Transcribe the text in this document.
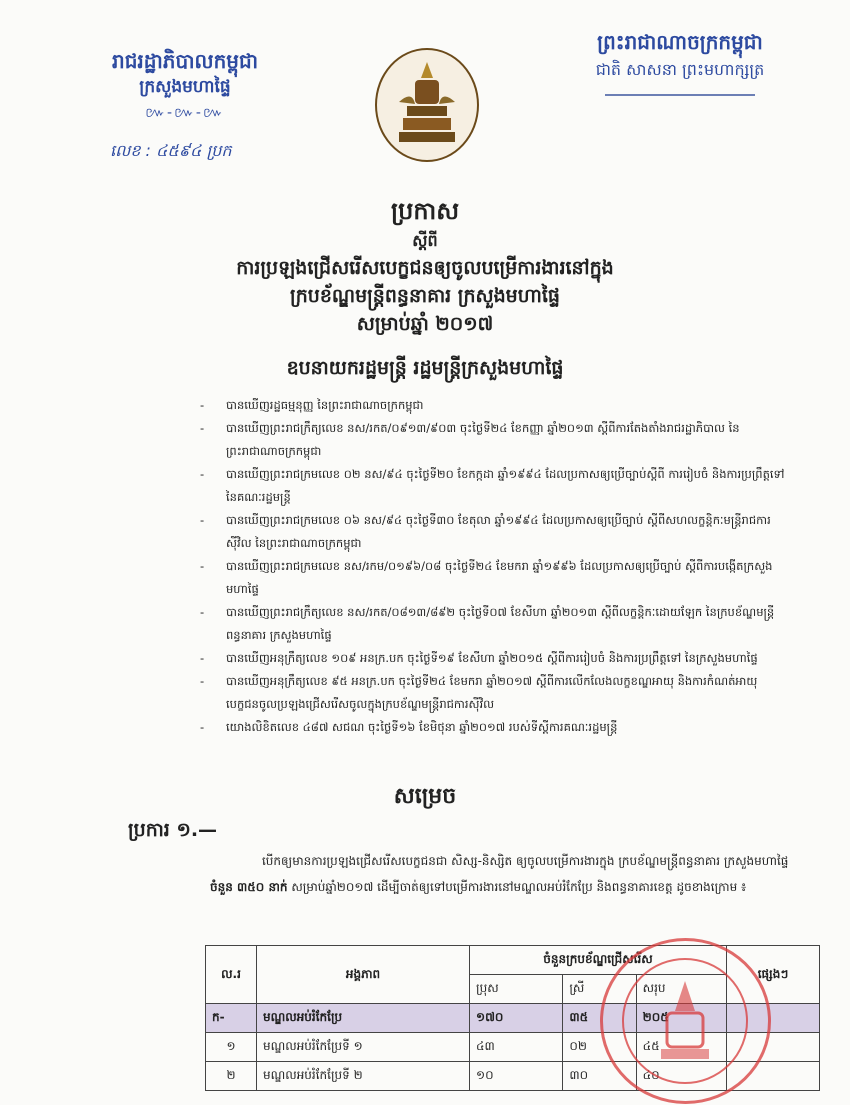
រាជរដ្ឋាភិបាលកម្ពុជា
ក្រសួងមហាផ្ទៃ
៚-៚-៚
លេខ : ៤៥៩៤ ប្រក
ព្រះរាជាណាចក្រកម្ពុជា
ជាតិ សាសនា ព្រះមហាក្សត្រ
ប្រកាស
ស្ដីពី
ការប្រឡងជ្រើសរើសបេក្ខជនឲ្យចូលបម្រើការងារនៅក្នុង
ក្របខ័ណ្ឌមន្ត្រីពន្ធនាគារ ក្រសួងមហាផ្ទៃ
សម្រាប់ឆ្នាំ ២០១៧
ឧបនាយករដ្ឋមន្ត្រី រដ្ឋមន្ត្រីក្រសួងមហាផ្ទៃ
- បានឃើញរដ្ឋធម្មនុញ្ញ នៃព្រះរាជាណាចក្រកម្ពុជា
- បានឃើញព្រះរាជក្រឹត្យលេខ នស/រកត/០៩១៣/៩០៣ ចុះថ្ងៃទី២៤ ខែកញ្ញា ឆ្នាំ២០១៣ ស្ដីពីការតែងតាំងរាជរដ្ឋាភិបាល នៃព្រះរាជាណាចក្រកម្ពុជា
- បានឃើញព្រះរាជក្រមលេខ ០២ នស/៩៤ ចុះថ្ងៃទី២០ ខែកក្កដា ឆ្នាំ១៩៩៤ ដែលប្រកាសឲ្យប្រើច្បាប់ស្ដីពី ការរៀបចំ និងការប្រព្រឹត្តទៅ នៃគណៈរដ្ឋមន្ត្រី
- បានឃើញព្រះរាជក្រមលេខ ០៦ នស/៩៤ ចុះថ្ងៃទី៣០ ខែតុលា ឆ្នាំ១៩៩៤ ដែលប្រកាសឲ្យប្រើច្បាប់ ស្ដីពីសហលក្ខន្តិកៈមន្ត្រីរាជការស៊ីវិល នៃព្រះរាជាណាចក្រកម្ពុជា
- បានឃើញព្រះរាជក្រមលេខ នស/រកម/០១៩៦/០៨ ចុះថ្ងៃទី២៤ ខែមករា ឆ្នាំ១៩៩៦ ដែលប្រកាសឲ្យប្រើច្បាប់ ស្ដីពីការបង្កើតក្រសួងមហាផ្ទៃ
- បានឃើញព្រះរាជក្រឹត្យលេខ នស/រកត/០៨១៣/៨៩២ ចុះថ្ងៃទី០៧ ខែសីហា ឆ្នាំ២០១៣ ស្ដីពីលក្ខន្តិកៈដោយឡែក នៃក្របខ័ណ្ឌមន្ត្រីពន្ធនាគារ ក្រសួងមហាផ្ទៃ
- បានឃើញអនុក្រឹត្យលេខ ១០៩ អនក្រ.បក ចុះថ្ងៃទី១៩ ខែសីហា ឆ្នាំ២០១៥ ស្ដីពីការរៀបចំ និងការប្រព្រឹត្តទៅ នៃក្រសួងមហាផ្ទៃ
- បានឃើញអនុក្រឹត្យលេខ ៩៥ អនក្រ.បក ចុះថ្ងៃទី២៤ ខែមករា ឆ្នាំ២០១៧ ស្ដីពីការលើកលែងលក្ខខណ្ឌអាយុ និងការកំណត់អាយុបេក្ខជនចូលប្រឡងជ្រើសរើសចូលក្នុងក្របខ័ណ្ឌមន្ត្រីរាជការស៊ីវិល
- យោងលិខិតលេខ ៤៨៧ សជណ ចុះថ្ងៃទី១៦ ខែមិថុនា ឆ្នាំ២០១៧ របស់ទីស្ដីការគណៈរដ្ឋមន្ត្រី
សម្រេច
ប្រការ ១.—
បើកឲ្យមានការប្រឡងជ្រើសរើសបេក្ខជនជា សិស្ស-និស្សិត ឲ្យចូលបម្រើការងារក្នុង ក្របខ័ណ្ឌមន្ត្រីពន្ធនាគារ ក្រសួងមហាផ្ទៃ ចំនួន ៣៥០ នាក់ សម្រាប់ឆ្នាំ២០១៧ ដើម្បីចាត់ឲ្យទៅបម្រើការងារនៅមណ្ឌលអប់រំកែប្រែ និងពន្ធនាគារខេត្ត ដូចខាងក្រោម ៖
ល.រ	អង្គភាព	ចំនួនក្របខ័ណ្ឌជ្រើសរើស			ផ្សេងៗ
		ប្រុស	ស្រី	សរុប	
ក-	មណ្ឌលអប់រំកែប្រែ	១៧០	៣៥	២០៥	
១	មណ្ឌលអប់រំកែប្រែទី ១	៤៣	០២	៤៥	
២	មណ្ឌលអប់រំកែប្រែទី ២	១០	៣០	៤០	
